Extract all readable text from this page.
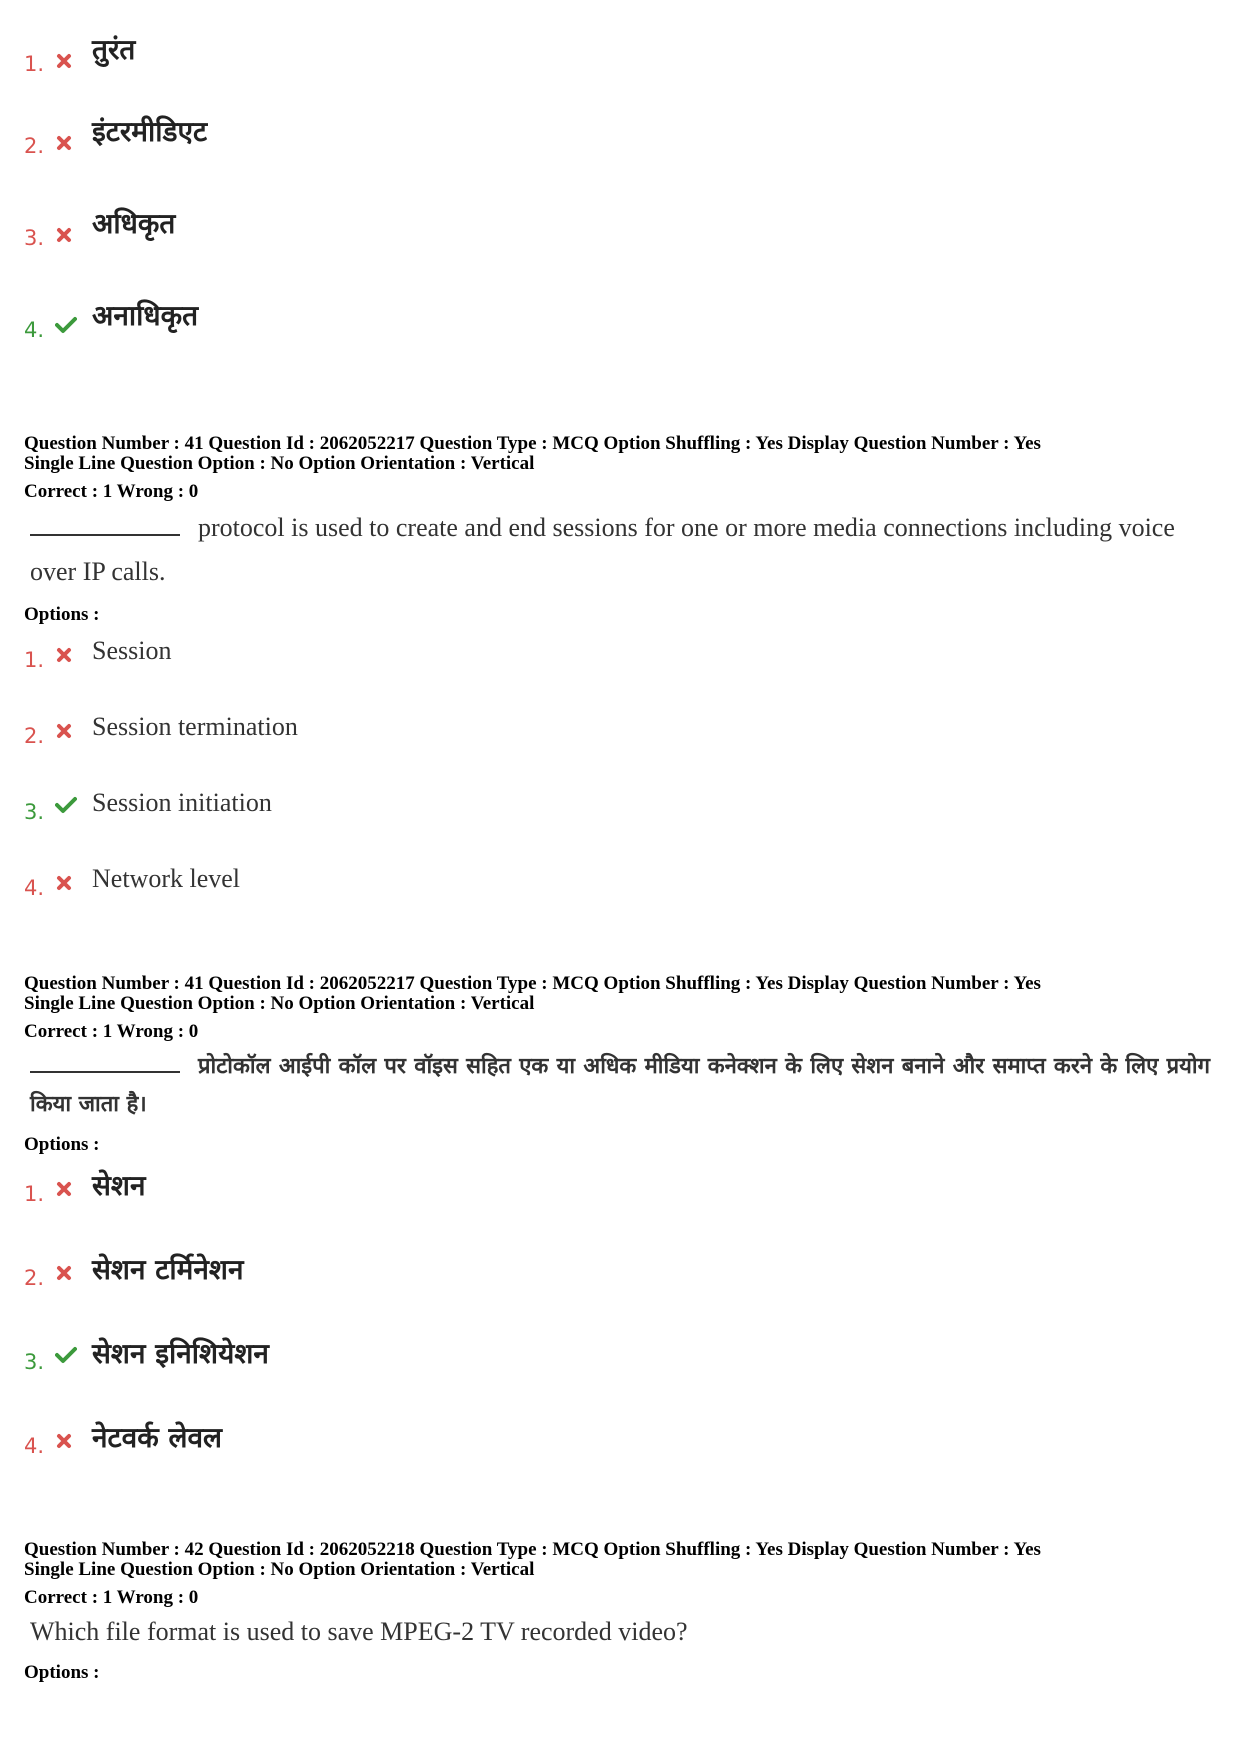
1. तुरंत
2. इंटरमीडिएट
3. अधिकृत
4. अनाधिकृत
Question Number : 41 Question Id : 2062052217 Question Type : MCQ Option Shuffling : Yes Display Question Number : Yes
Single Line Question Option : No Option Orientation : Vertical
Correct : 1 Wrong : 0
protocol is used to create and end sessions for one or more media connections including voice over IP calls.
Options :
1. Session
2. Session termination
3. Session initiation
4. Network level
Question Number : 41 Question Id : 2062052217 Question Type : MCQ Option Shuffling : Yes Display Question Number : Yes
Single Line Question Option : No Option Orientation : Vertical
Correct : 1 Wrong : 0
प्रोटोकॉल आईपी कॉल पर वॉइस सहित एक या अधिक मीडिया कनेक्शन के लिए सेशन बनाने और समाप्त करने के लिए प्रयोग किया जाता है।
Options :
1. सेशन
2. सेशन टर्मिनेशन
3. सेशन इनिशियेशन
4. नेटवर्क लेवल
Question Number : 42 Question Id : 2062052218 Question Type : MCQ Option Shuffling : Yes Display Question Number : Yes
Single Line Question Option : No Option Orientation : Vertical
Correct : 1 Wrong : 0
Which file format is used to save MPEG-2 TV recorded video?
Options :
